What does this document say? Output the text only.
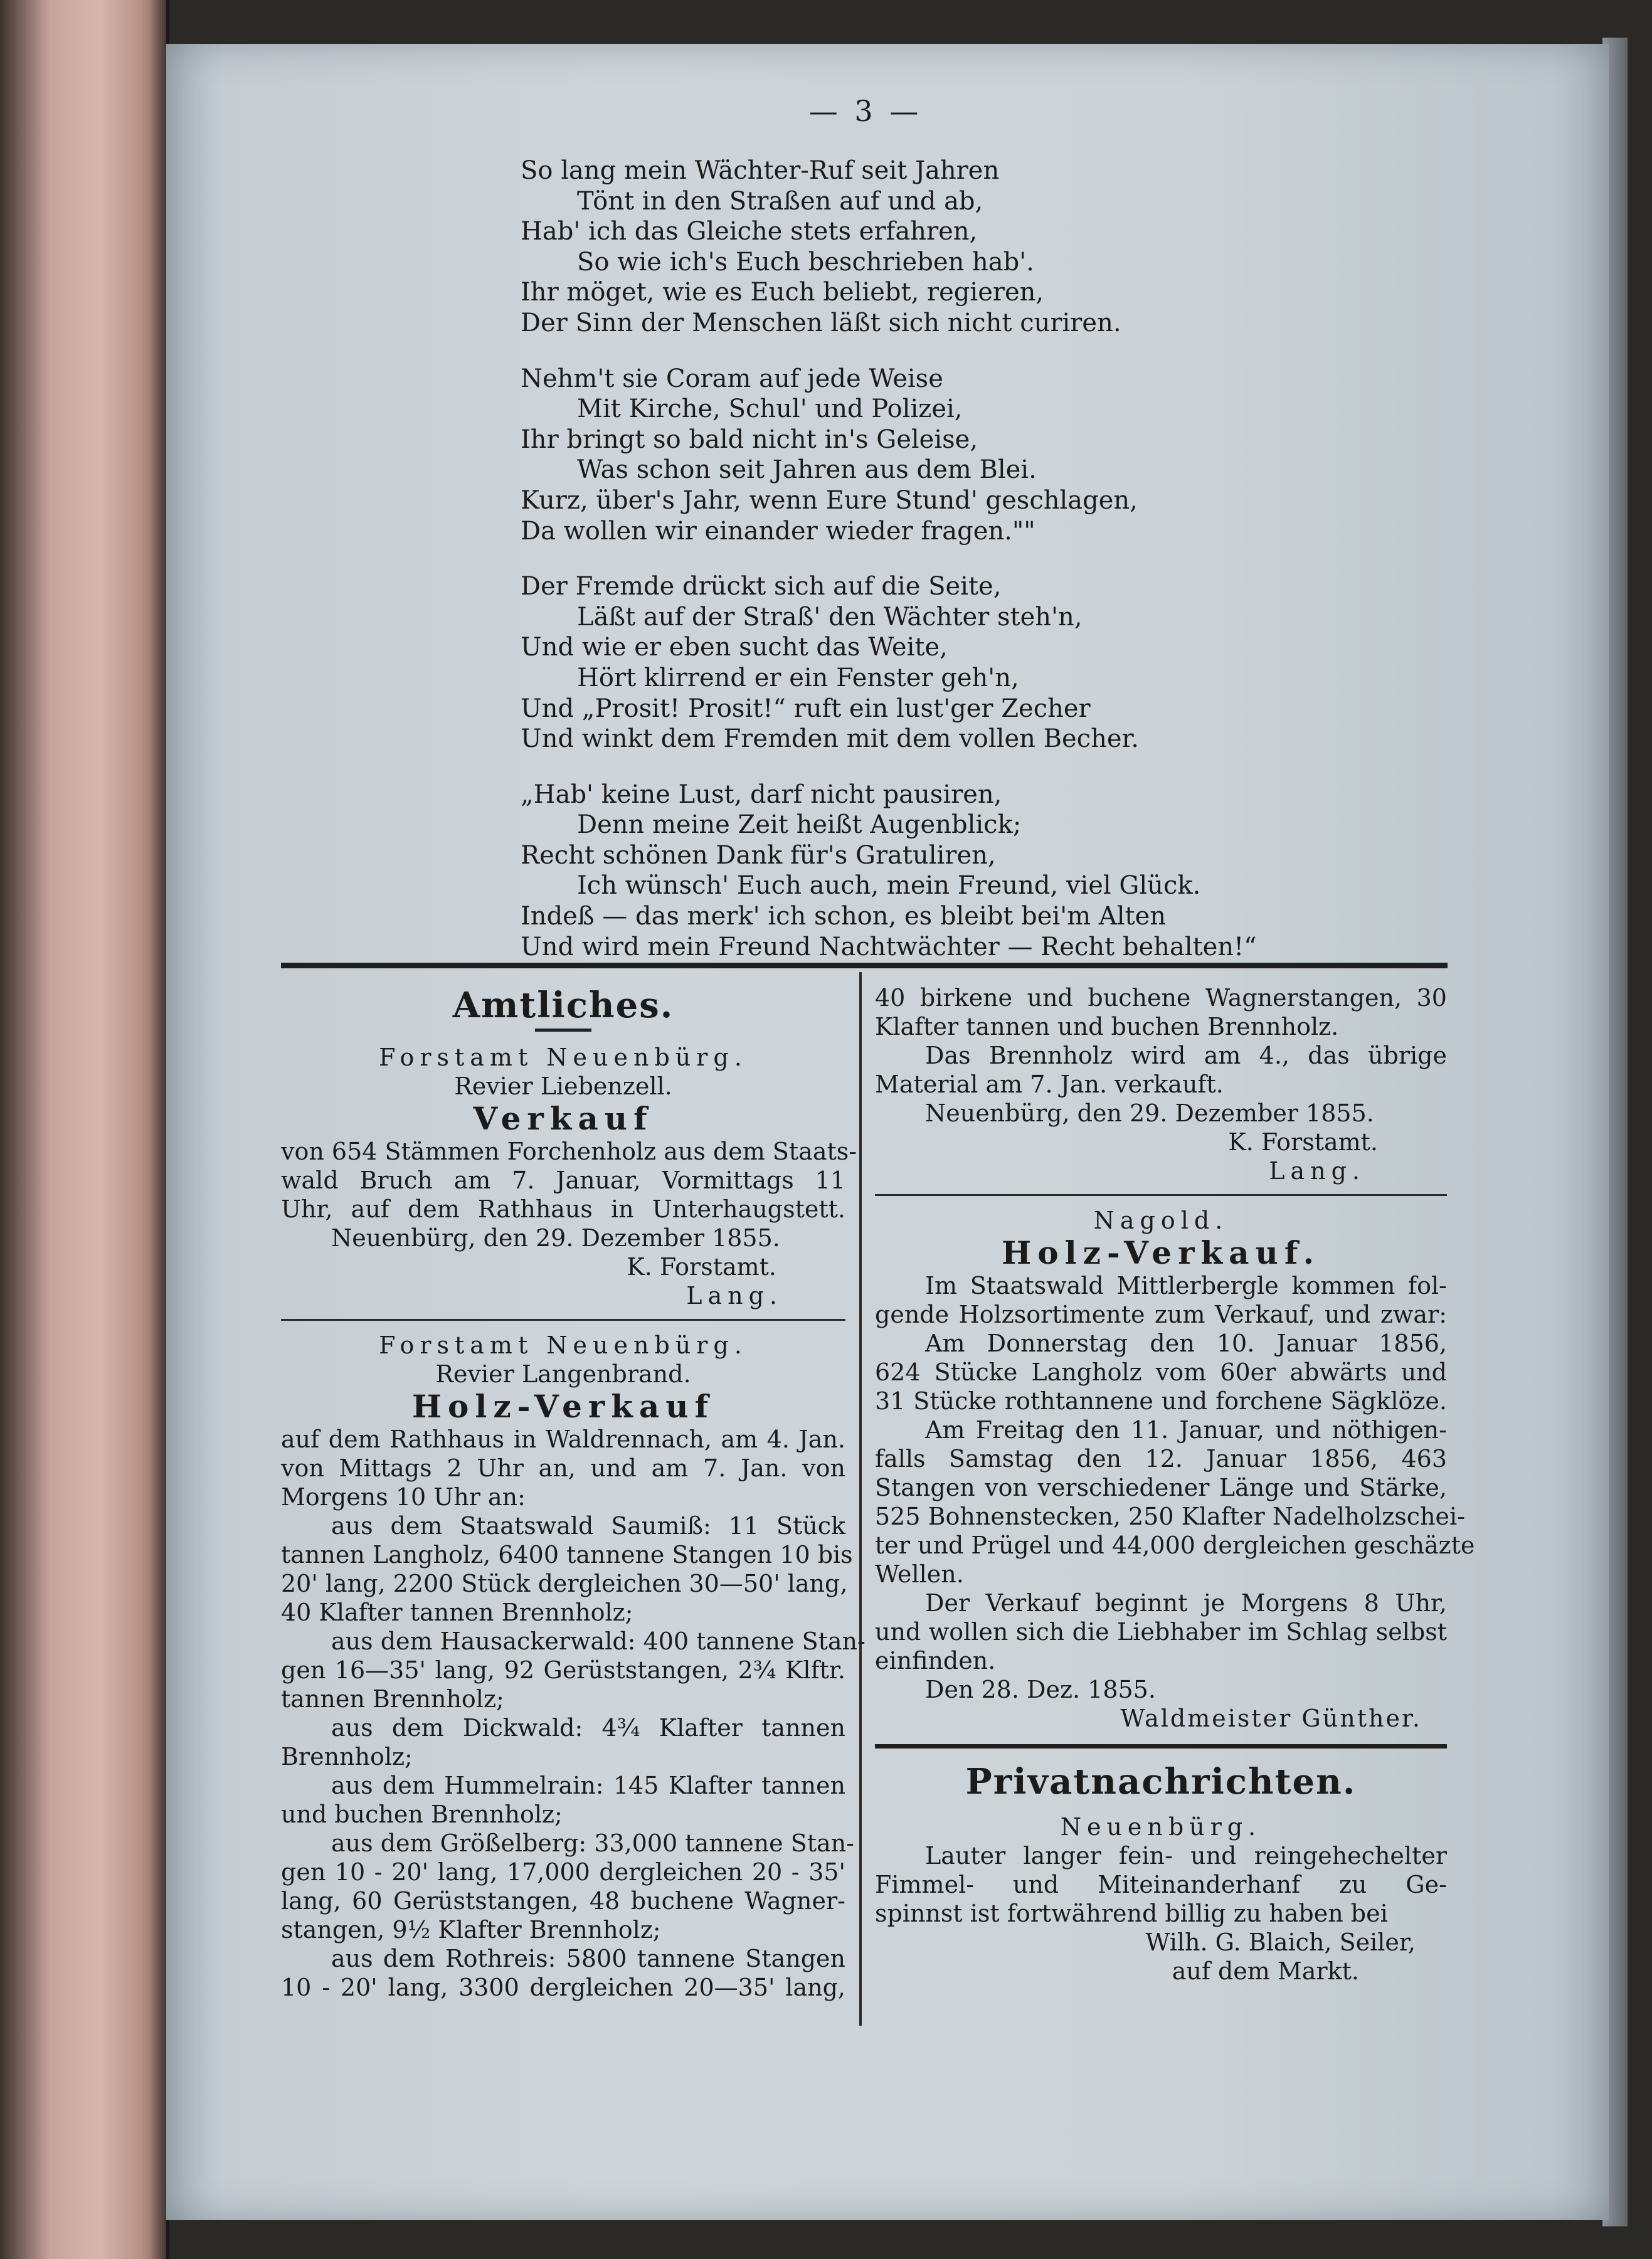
— 3 —
So lang mein Wächter-Ruf seit Jahren
Tönt in den Straßen auf und ab,
Hab' ich das Gleiche stets erfahren,
So wie ich's Euch beschrieben hab'.
Ihr möget, wie es Euch beliebt, regieren,
Der Sinn der Menschen läßt sich nicht curiren.
Nehm't sie Coram auf jede Weise
Mit Kirche, Schul' und Polizei,
Ihr bringt so bald nicht in's Geleise,
Was schon seit Jahren aus dem Blei.
Kurz, über's Jahr, wenn Eure Stund' geschlagen,
Da wollen wir einander wieder fragen.""
Der Fremde drückt sich auf die Seite,
Läßt auf der Straß' den Wächter steh'n,
Und wie er eben sucht das Weite,
Hört klirrend er ein Fenster geh'n,
Und „Prosit! Prosit!“ ruft ein lust'ger Zecher
Und winkt dem Fremden mit dem vollen Becher.
„Hab' keine Lust, darf nicht pausiren,
Denn meine Zeit heißt Augenblick;
Recht schönen Dank für's Gratuliren,
Ich wünsch' Euch auch, mein Freund, viel Glück.
Indeß — das merk' ich schon, es bleibt bei'm Alten
Und wird mein Freund Nachtwächter — Recht behalten!“
Amtliches.
Forstamt Neuenbürg.
Revier Liebenzell.
Verkauf
von 654 Stämmen Forchenholz aus dem Staats-
wald Bruch am 7. Januar, Vormittags 11
Uhr, auf dem Rathhaus in Unterhaugstett.
Neuenbürg, den 29. Dezember 1855.
K. Forstamt.
Lang.
Forstamt Neuenbürg.
Revier Langenbrand.
Holz-Verkauf
auf dem Rathhaus in Waldrennach, am 4. Jan.
von Mittags 2 Uhr an, und am 7. Jan. von
Morgens 10 Uhr an:
aus dem Staatswald Saumiß: 11 Stück
tannen Langholz, 6400 tannene Stangen 10 bis
20' lang, 2200 Stück dergleichen 30—50' lang,
40 Klafter tannen Brennholz;
aus dem Hausackerwald: 400 tannene Stan-
gen 16—35' lang, 92 Gerüststangen, 2¾ Klftr.
tannen Brennholz;
aus dem Dickwald: 4¾ Klafter tannen
Brennholz;
aus dem Hummelrain: 145 Klafter tannen
und buchen Brennholz;
aus dem Größelberg: 33,000 tannene Stan-
gen 10 - 20' lang, 17,000 dergleichen 20 - 35'
lang, 60 Gerüststangen, 48 buchene Wagner-
stangen, 9½ Klafter Brennholz;
aus dem Rothreis: 5800 tannene Stangen
10 - 20' lang, 3300 dergleichen 20—35' lang,
40 birkene und buchene Wagnerstangen, 30
Klafter tannen und buchen Brennholz.
Das Brennholz wird am 4., das übrige
Material am 7. Jan. verkauft.
Neuenbürg, den 29. Dezember 1855.
K. Forstamt.
Lang.
Nagold.
Holz-Verkauf.
Im Staatswald Mittlerbergle kommen fol-
gende Holzsortimente zum Verkauf, und zwar:
Am Donnerstag den 10. Januar 1856,
624 Stücke Langholz vom 60er abwärts und
31 Stücke rothtannene und forchene Sägklöze.
Am Freitag den 11. Januar, und nöthigen-
falls Samstag den 12. Januar 1856, 463
Stangen von verschiedener Länge und Stärke,
525 Bohnenstecken, 250 Klafter Nadelholzschei-
ter und Prügel und 44,000 dergleichen geschäzte
Wellen.
Der Verkauf beginnt je Morgens 8 Uhr,
und wollen sich die Liebhaber im Schlag selbst
einfinden.
Den 28. Dez. 1855.
Waldmeister Günther.
Privatnachrichten.
Neuenbürg.
Lauter langer fein- und reingehechelter
Fimmel- und Miteinanderhanf zu Ge-
spinnst ist fortwährend billig zu haben bei
Wilh. G. Blaich, Seiler,
auf dem Markt.
